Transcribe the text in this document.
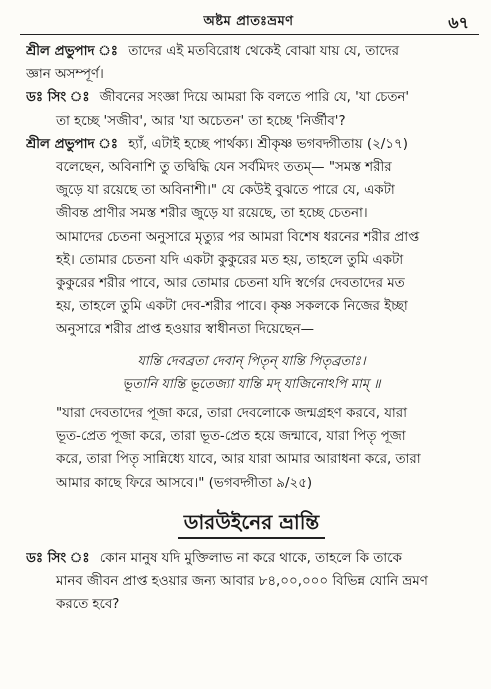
অষ্টম প্রাতঃভ্রমণ	৬৭
শ্রীল প্রভুপাদ ঃ তাদের এই মতবিরোধ থেকেই বোঝা যায় যে, তাদের
জ্ঞান অসম্পূর্ণ।
ডঃ সিং ঃ জীবনের সংজ্ঞা দিয়ে আমরা কি বলতে পারি যে, 'যা চেতন'
তা হচ্ছে 'সজীব', আর 'যা অচেতন' তা হচ্ছে 'নির্জীব'?
শ্রীল প্রভুপাদ ঃ হ্যাঁ, এটাই হচ্ছে পার্থক্য। শ্রীকৃষ্ণ ভগবদ্গীতায় (২/১৭)
বলেছেন, অবিনাশি তু তদ্বিদ্ধি যেন সর্বমিদং ততম্— "সমস্ত শরীর
জুড়ে যা রয়েছে তা অবিনাশী।" যে কেউই বুঝতে পারে যে, একটা
জীবন্ত প্রাণীর সমস্ত শরীর জুড়ে যা রয়েছে, তা হচ্ছে চেতনা।
আমাদের চেতনা অনুসারে মৃত্যুর পর আমরা বিশেষ ধরনের শরীর প্রাপ্ত
হই। তোমার চেতনা যদি একটা কুকুরের মত হয়, তাহলে তুমি একটা
কুকুরের শরীর পাবে, আর তোমার চেতনা যদি স্বর্গের দেবতাদের মত
হয়, তাহলে তুমি একটা দেব-শরীর পাবে। কৃষ্ণ সকলকে নিজের ইচ্ছা
অনুসারে শরীর প্রাপ্ত হওয়ার স্বাধীনতা দিয়েছেন—
যান্তি দেবব্রতা দেবান্ পিতৃন্ যান্তি পিতৃব্রতাঃ।
ভূতানি যান্তি ভূতেজ্যা যান্তি মদ্ যাজিনোঽপি মাম্ ॥
"যারা দেবতাদের পূজা করে, তারা দেবলোকে জন্মগ্রহণ করবে, যারা
ভূত-প্রেত পূজা করে, তারা ভূত-প্রেত হয়ে জন্মাবে, যারা পিতৃ পূজা
করে, তারা পিতৃ সান্নিধ্যে যাবে, আর যারা আমার আরাধনা করে, তারা
আমার কাছে ফিরে আসবে।" (ভগবদ্গীতা ৯/২৫)
ডারউইনের ভ্রান্তি
ডঃ সিং ঃ কোন মানুষ যদি মুক্তিলাভ না করে থাকে, তাহলে কি তাকে
মানব জীবন প্রাপ্ত হওয়ার জন্য আবার ৮৪,০০,০০০ বিভিন্ন যোনি ভ্রমণ
করতে হবে?
